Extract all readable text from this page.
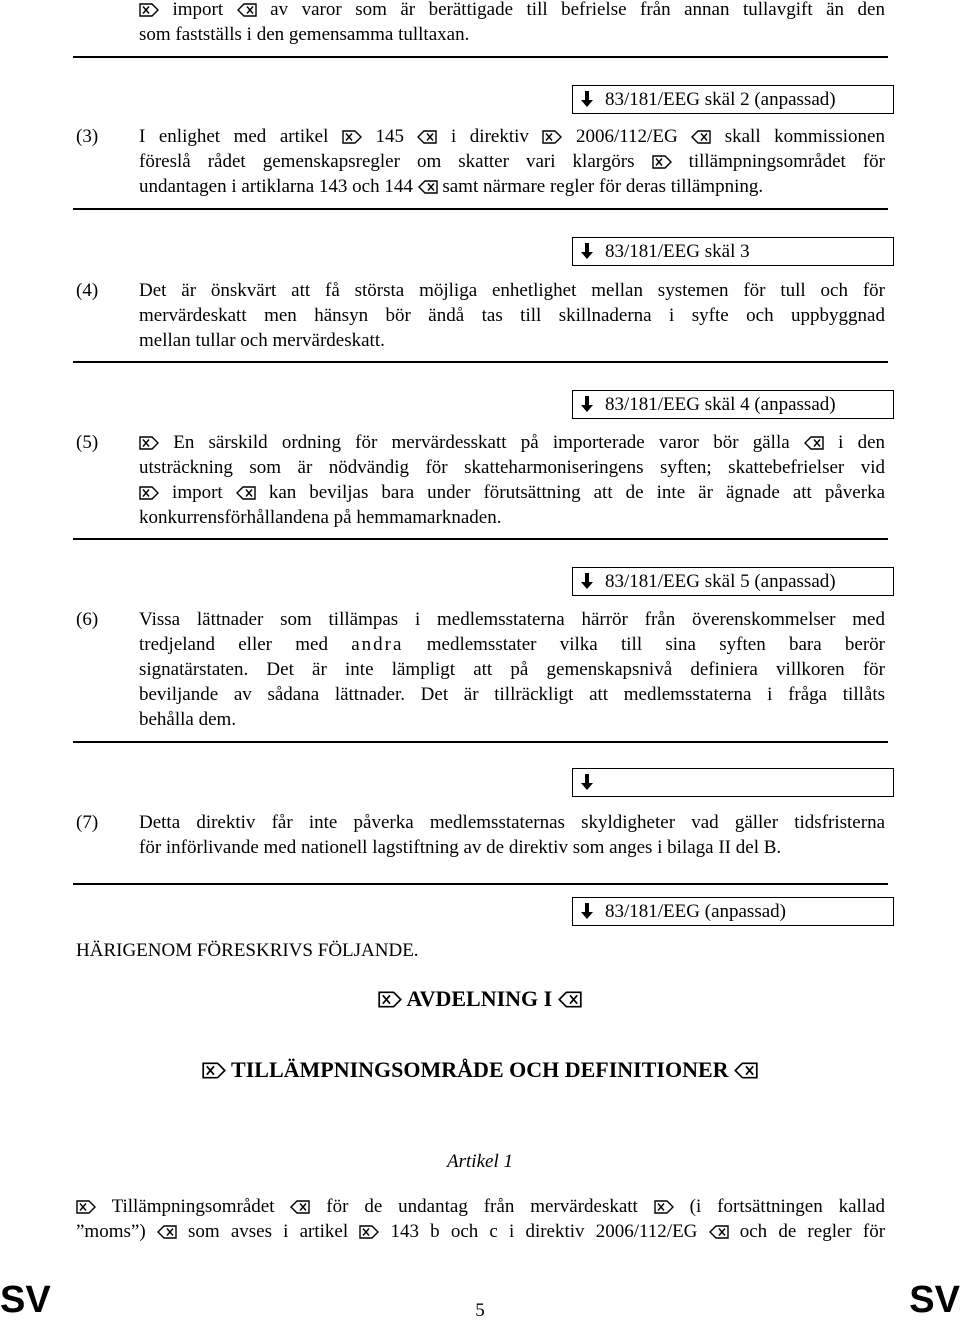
import av varor som är berättigade till befrielse från annan tullavgift än den
som fastställs i den gemensamma tulltaxan.
83/181/EEG skäl 2 (anpassad)
(3) I enlighet med artikel 145 i direktiv 2006/112/EG skall kommissionen
föreslå rådet gemenskapsregler om skatter vari klargörs	tillämpningsområdet för
undantagen i artiklarna 143 och 144 samt närmare regler för deras tillämpning.
83/181/EEG skäl 3
(4) Det är önskvärt att få största möjliga enhetlighet mellan systemen för tull och för
mervärdeskatt men hänsyn bör ändå tas till skillnaderna i syfte och uppbyggnad
mellan tullar och mervärdeskatt.
83/181/EEG skäl 4 (anpassad)
(5)	En särskild ordning för mervärdesskatt på importerade varor bör gälla	i den
utsträckning som är nödvändig för skatteharmoniseringens syften; skattebefrielser vid
import kan beviljas bara under förutsättning att de inte är ägnade att påverka
konkurrensförhållandena på hemmamarknaden.
83/181/EEG skäl 5 (anpassad)
(6) Vissa lättnader som tillämpas i medlemsstaterna härrör från överenskommelser med
tredjeland eller med andra medlemsstater vilka till sina syften bara berör
signatärstaten. Det är inte lämpligt att på gemenskapsnivå definiera villkoren för
beviljande av sådana lättnader. Det är tillräckligt att medlemsstaterna i fråga tillåts
behålla dem.
(7) Detta direktiv får inte påverka medlemsstaternas skyldigheter vad gäller tidsfristerna
för införlivande med nationell lagstiftning av de direktiv som anges i bilaga II del B.
83/181/EEG (anpassad)
HÄRIGENOM FÖRESKRIVS FÖLJANDE.
AVDELNING I
TILLÄMPNINGSOMRÅDE OCH DEFINITIONER
Artikel 1
Tillämpningsområdet	för de undantag från mervärdeskatt	(i fortsättningen kallad
”moms”) som avses i artikel 143 b och c i direktiv 2006/112/EG och de regler för
SV	5	SV
